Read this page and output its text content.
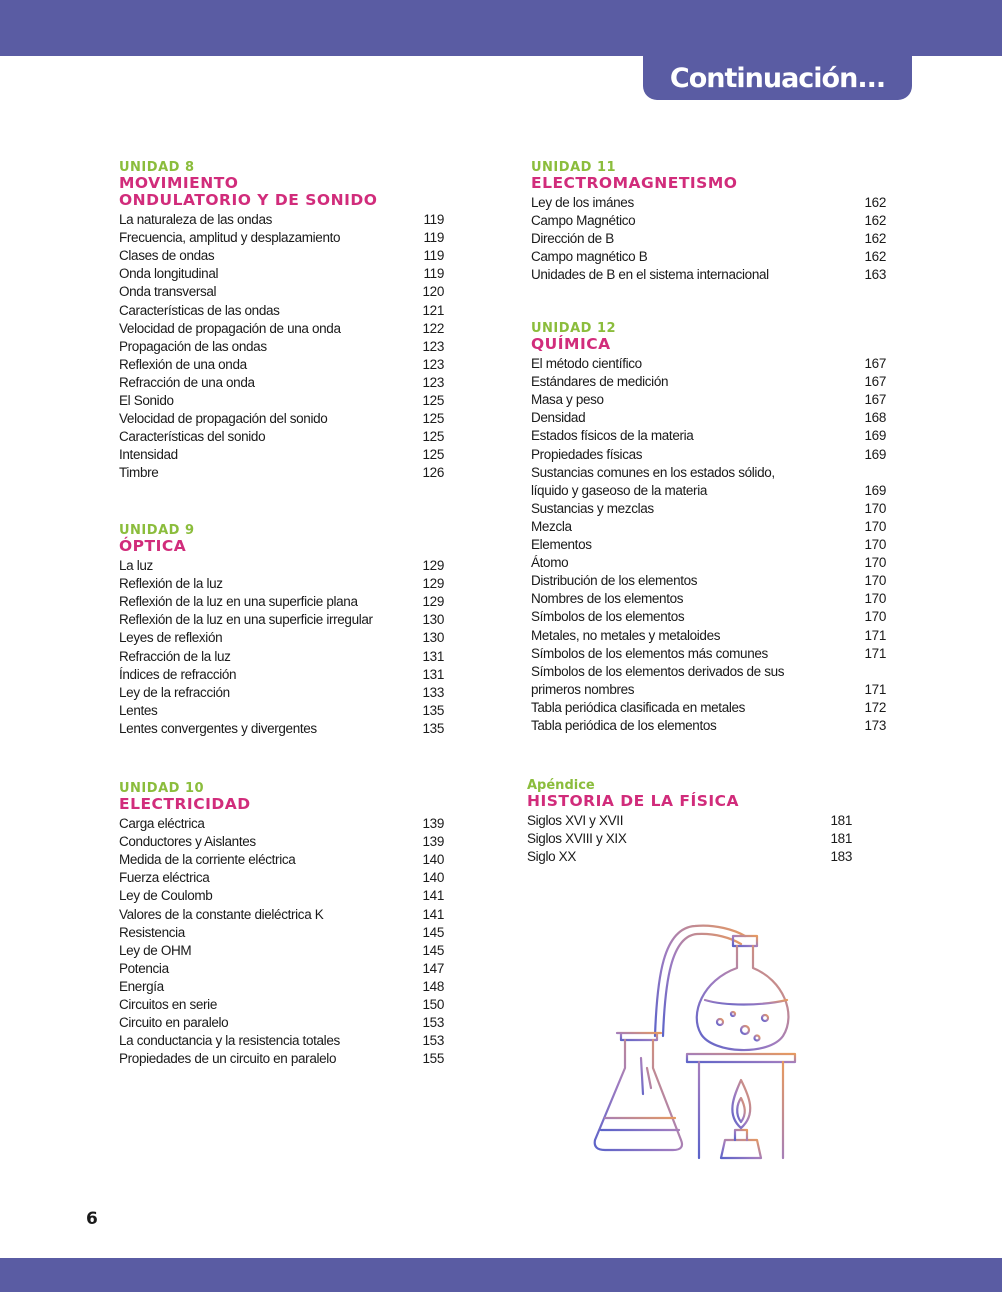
Continuación...
UNIDAD 8
MOVIMIENTO
ONDULATORIO Y DE SONIDO
La naturaleza de las ondas	119
Frecuencia, amplitud y desplazamiento	119
Clases de ondas	119
Onda longitudinal	119
Onda transversal	120
Características de las ondas	121
Velocidad de propagación de una onda	122
Propagación de las ondas	123
Reflexión de una onda	123
Refracción de una onda	123
El Sonido	125
Velocidad de propagación del sonido	125
Características del sonido	125
Intensidad	125
Timbre	126
UNIDAD 9
ÓPTICA
La luz	129
Reflexión de la luz	129
Reflexión de la luz en una superficie plana	129
Reflexión de la luz en una superficie irregular	130
Leyes de reflexión	130
Refracción de la luz	131
Índices de refracción	131
Ley de la refracción	133
Lentes	135
Lentes convergentes y divergentes	135
UNIDAD 10
ELECTRICIDAD
Carga eléctrica	139
Conductores y Aislantes	139
Medida de la corriente eléctrica	140
Fuerza eléctrica	140
Ley de Coulomb	141
Valores de la constante dieléctrica K	141
Resistencia	145
Ley de OHM	145
Potencia	147
Energía	148
Circuitos en serie	150
Circuito en paralelo	153
La conductancia y la resistencia totales	153
Propiedades de un circuito en paralelo	155
UNIDAD 11
ELECTROMAGNETISMO
Ley de los imánes	162
Campo Magnético	162
Dirección de B	162
Campo magnético B	162
Unidades de B en el sistema internacional	163
UNIDAD 12
QUÍMICA
El método científico	167
Estándares de medición	167
Masa y peso	167
Densidad	168
Estados físicos de la materia	169
Propiedades físicas	169
Sustancias comunes en los estados sólido,
líquido y gaseoso de la materia	169
Sustancias y mezclas	170
Mezcla	170
Elementos	170
Átomo	170
Distribución de los elementos	170
Nombres de los elementos	170
Símbolos de los elementos	170
Metales, no metales y metaloides	171
Símbolos de los elementos más comunes	171
Símbolos de los elementos derivados de sus
primeros nombres	171
Tabla periódica clasificada en metales	172
Tabla periódica de los elementos	173
Apéndice
HISTORIA DE LA FÍSICA
Siglos XVI y XVII	181
Siglos XVIII y XIX	181
Siglo XX	183
6
